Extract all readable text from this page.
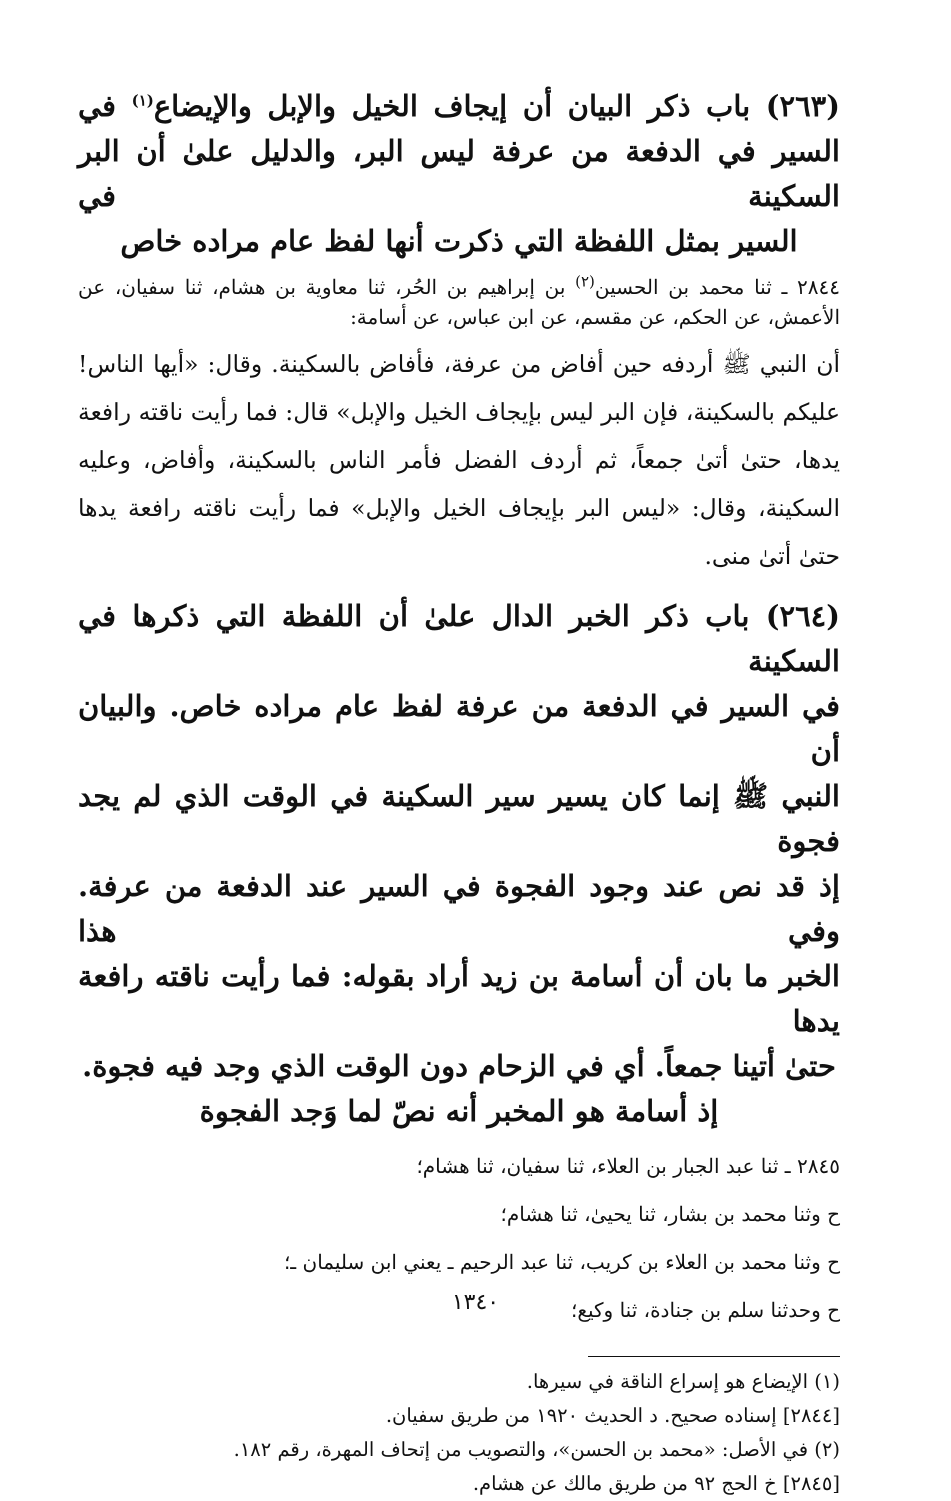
(٢٦٣) باب ذكر البيان أن إيجاف الخيل والإبل والإيضاع$^{(١)}$ في
السير في الدفعة من عرفة ليس البر، والدليل علىٰ أن البر السكينة في
السير بمثل اللفظة التي ذكرت أنها لفظ عام مراده خاص
٢٨٤٤ ـ ثنا محمد بن الحسين$^{(٢)}$ بن إبراهيم بن الحُر، ثنا معاوية بن هشام، ثنا سفيان، عن الأعمش، عن الحكم، عن مقسم، عن ابن عباس، عن أسامة:
أن النبي ﷺ أردفه حين أفاض من عرفة، فأفاض بالسكينة. وقال: «أيها الناس! عليكم بالسكينة، فإن البر ليس بإيجاف الخيل والإبل» قال: فما رأيت ناقته رافعة يدها، حتىٰ أتىٰ جمعاً، ثم أردف الفضل فأمر الناس بالسكينة، وأفاض، وعليه السكينة، وقال: «ليس البر بإيجاف الخيل والإبل» فما رأيت ناقته رافعة يدها حتىٰ أتىٰ منى.
(٢٦٤) باب ذكر الخبر الدال علىٰ أن اللفظة التي ذكرها في السكينة
في السير في الدفعة من عرفة لفظ عام مراده خاص. والبيان أن
النبي ﷺ إنما كان يسير سير السكينة في الوقت الذي لم يجد فجوة
إذ قد نص عند وجود الفجوة في السير عند الدفعة من عرفة. وفي هذا
الخبر ما بان أن أسامة بن زيد أراد بقوله: فما رأيت ناقته رافعة يدها
حتىٰ أتينا جمعاً. أي في الزحام دون الوقت الذي وجد فيه فجوة.
إذ أسامة هو المخبر أنه نصّ لما وَجد الفجوة
٢٨٤٥ ـ ثنا عبد الجبار بن العلاء، ثنا سفيان، ثنا هشام؛
ح وثنا محمد بن بشار، ثنا يحيىٰ، ثنا هشام؛
ح وثنا محمد بن العلاء بن كريب، ثنا عبد الرحيم ـ يعني ابن سليمان ـ؛
ح وحدثنا سلم بن جنادة، ثنا وكيع؛
(١) الإيضاع هو إسراع الناقة في سيرها.
[٢٨٤٤] إسناده صحيح. د الحديث ١٩٢٠ من طريق سفيان.
(٢) في الأصل: «محمد بن الحسن»، والتصويب من إتحاف المهرة، رقم ١٨٢.
[٢٨٤٥] خ الحج ٩٢ من طريق مالك عن هشام.
١٣٤٠
